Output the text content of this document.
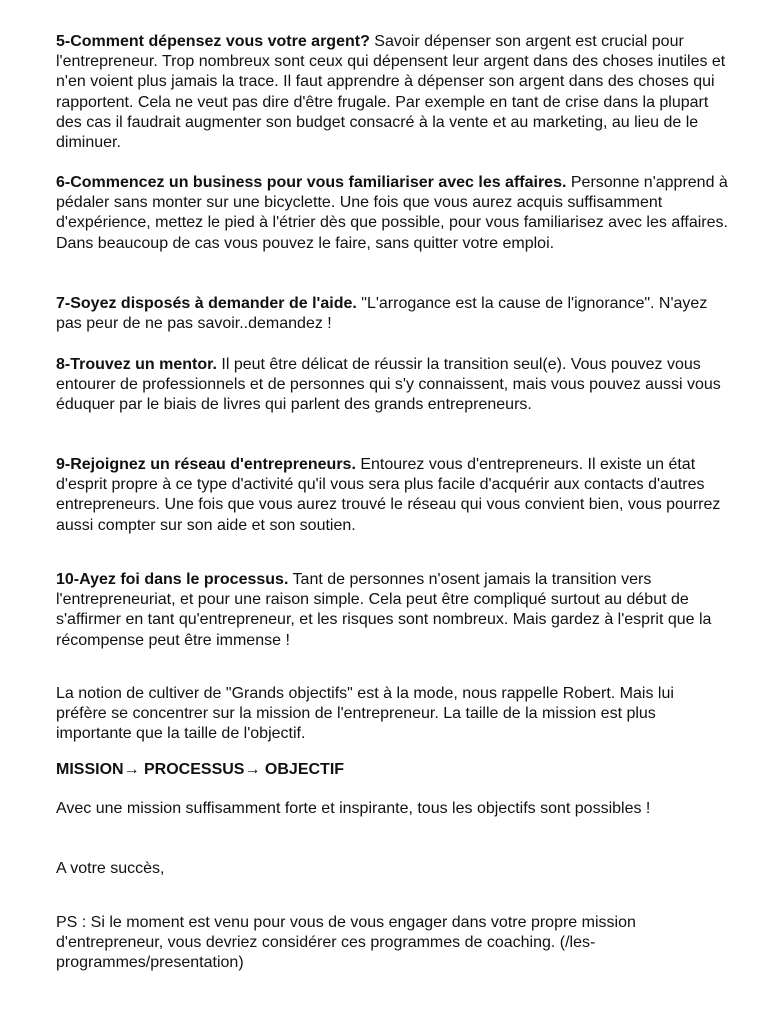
5-Comment dépensez vous votre argent? Savoir dépenser son argent est crucial pour l'entrepreneur. Trop nombreux sont ceux qui dépensent leur argent dans des choses inutiles et n'en voient plus jamais la trace. Il faut apprendre à dépenser son argent dans des choses qui rapportent. Cela ne veut pas dire d'être frugale. Par exemple en tant de crise dans la plupart des cas il faudrait augmenter son budget consacré à la vente et au marketing, au lieu de le diminuer.

6-Commencez un business pour vous familiariser avec les affaires. Personne n'apprend à pédaler sans monter sur une bicyclette. Une fois que vous aurez acquis suffisamment d'expérience, mettez le pied à l'étrier dès que possible, pour vous familiarisez avec les affaires. Dans beaucoup de cas vous pouvez le faire, sans quitter votre emploi.

7-Soyez disposés à demander de l'aide. "L'arrogance est la cause de l'ignorance". N'ayez pas peur de ne pas savoir..demandez !

8-Trouvez un mentor. Il peut être délicat de réussir la transition seul(e). Vous pouvez vous entourer de professionnels et de personnes qui s'y connaissent, mais vous pouvez aussi vous éduquer par le biais de livres qui parlent des grands entrepreneurs.

9-Rejoignez un réseau d'entrepreneurs. Entourez vous d'entrepreneurs. Il existe un état d'esprit propre à ce type d'activité qu'il vous sera plus facile d'acquérir aux contacts d'autres entrepreneurs. Une fois que vous aurez trouvé le réseau qui vous convient bien, vous pourrez aussi compter sur son aide et son soutien.

10-Ayez foi dans le processus. Tant de personnes n'osent jamais la transition vers l'entrepreneuriat, et pour une raison simple. Cela peut être compliqué surtout au début de s'affirmer en tant qu'entrepreneur, et les risques sont nombreux. Mais gardez à l'esprit que la récompense peut être immense !

La notion de cultiver de "Grands objectifs" est à la mode, nous rappelle Robert. Mais lui préfère se concentrer sur la mission de l'entrepreneur. La taille de la mission est plus importante que la taille de l'objectif.

MISSION→ PROCESSUS→ OBJECTIF

Avec une mission suffisamment forte et inspirante, tous les objectifs sont possibles !

A votre succès,

PS : Si le moment est venu pour vous de vous engager dans votre propre mission d'entrepreneur, vous devriez considérer ces programmes de coaching. (/les-programmes/presentation)
